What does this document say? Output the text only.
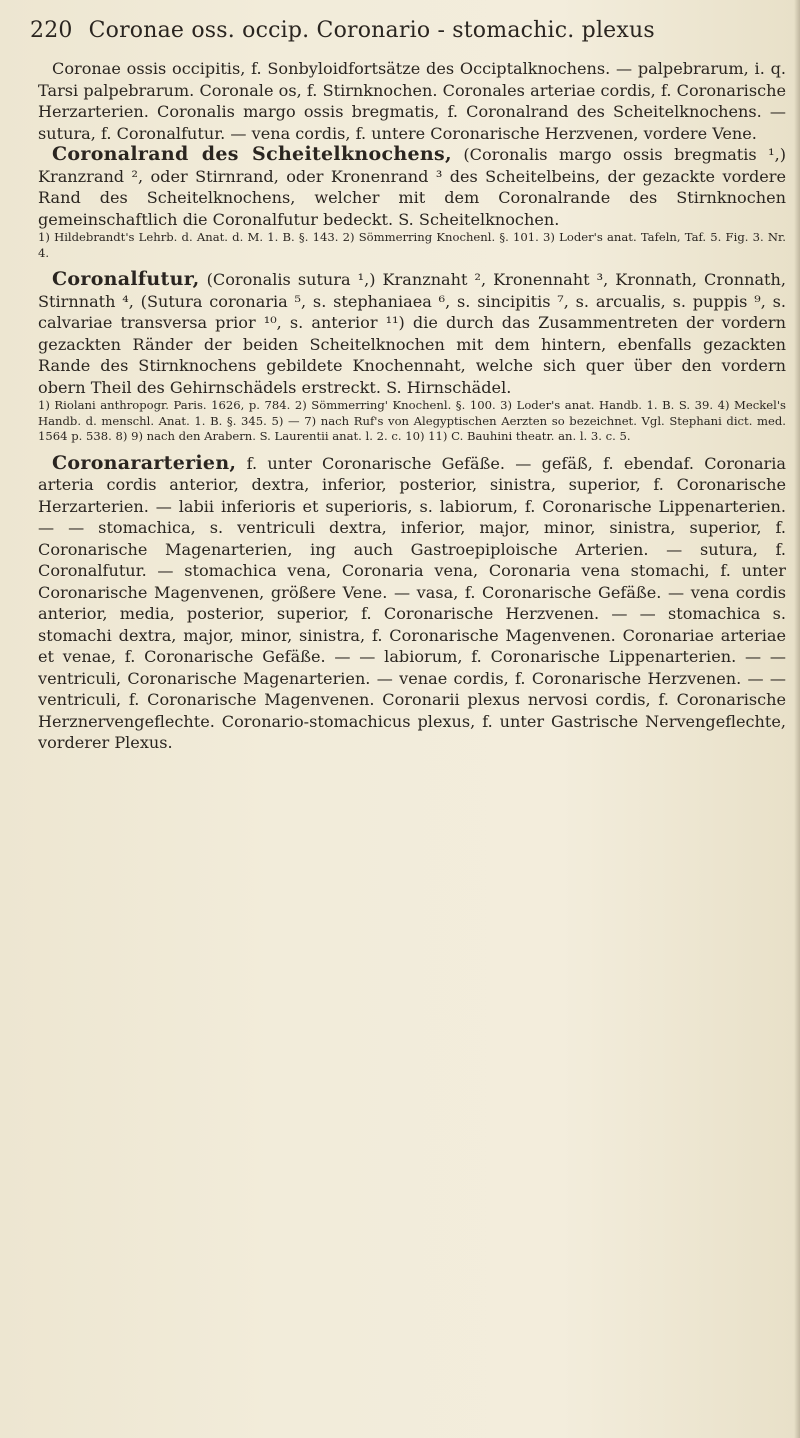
220 Coronae oss. occip. Coronario - stomachic. plexus

Coronae ossis occipitis, f. Sonbyloidfortsätze des Occiptalknochens. — palpebrarum, i. q. Tarsi palpebrarum. Coronale os, f. Stirnknochen. Coronales arteriae cordis, f. Coronarische Herzarterien. Coronalis margo ossis bregmatis, f. Coronalrand des Scheitelknochens. — sutura, f. Coronalfutur. — vena cordis, f. untere Coronarische Herzvenen, vordere Vene.

Coronalrand des Scheitelknochens, (Coronalis margo ossis bregmatis ¹,) Kranzrand ², oder Stirnrand, oder Kronenrand ³ des Scheitelbeins, der gezackte vordere Rand des Scheitelknochens, welcher mit dem Coronalrande des Stirnknochen gemeinschaftlich die Coronalfutur bedeckt. S. Scheitelknochen.

1) Hildebrandt's Lehrb. d. Anat. d. M. 1. B. §. 143. 2) Sömmerring Knochenl. §. 101. 3) Loder's anat. Tafeln, Taf. 5. Fig. 3. Nr. 4.

Coronalfutur, (Coronalis sutura ¹,) Kranznaht ², Kronennaht ³, Kronnath, Cronnath, Stirnnath ⁴, (Sutura coronaria ⁵, s. stephaniaea ⁶, s. sincipitis ⁷, s. arcualis, s. puppis ⁹, s. calvariae transversa prior ¹⁰, s. anterior ¹¹) die durch das Zusammentreten der vordern gezackten Ränder der beiden Scheitelknochen mit dem hintern, ebenfalls gezackten Rande des Stirnknochens gebildete Knochennaht, welche sich quer über den vordern obern Theil des Gehirnschädels erstreckt. S. Hirnschädel.

1) Riolani anthropogr. Paris. 1626, p. 784. 2) Sömmerring' Knochenl. §. 100. 3) Loder's anat. Handb. 1. B. S. 39. 4) Meckel's Handb. d. menschl. Anat. 1. B. §. 345. 5) — 7) nach Ruf's von Alegyptischen Aerzten so bezeichnet. Vgl. Stephani dict. med. 1564 p. 538. 8) 9) nach den Arabern. S. Laurentii anat. l. 2. c. 10) 11) C. Bauhini theatr. an. l. 3. c. 5.

Coronararterien, f. unter Coronarische Gefäße. — gefäß, f. ebendaf. Coronaria arteria cordis anterior, dextra, inferior, posterior, sinistra, superior, f. Coronarische Herzarterien. — labii inferioris et superioris, s. labiorum, f. Coronarische Lippenarterien. — — stomachica, s. ventriculi dextra, inferior, major, minor, sinistra, superior, f. Coronarische Magenarterien, ing auch Gastroepiploische Arterien. — sutura, f. Coronalfutur. — stomachica vena, Coronaria vena, Coronaria vena stomachi, f. unter Coronarische Magenvenen, größere Vene. — vasa, f. Coronarische Gefäße. — vena cordis anterior, media, posterior, superior, f. Coronarische Herzvenen. — — stomachica s. stomachi dextra, major, minor, sinistra, f. Coronarische Magenvenen. Coronariae arteriae et venae, f. Coronarische Gefäße. — — labiorum, f. Coronarische Lippenarterien. — — ventriculi, Coronarische Magenarterien. — venae cordis, f. Coronarische Herzvenen. — — ventriculi, f. Coronarische Magenvenen. Coronarii plexus nervosi cordis, f. Coronarische Herznervengeflechte. Coronario-stomachicus plexus, f. unter Gastrische Nervengeflechte, vorderer Plexus.
